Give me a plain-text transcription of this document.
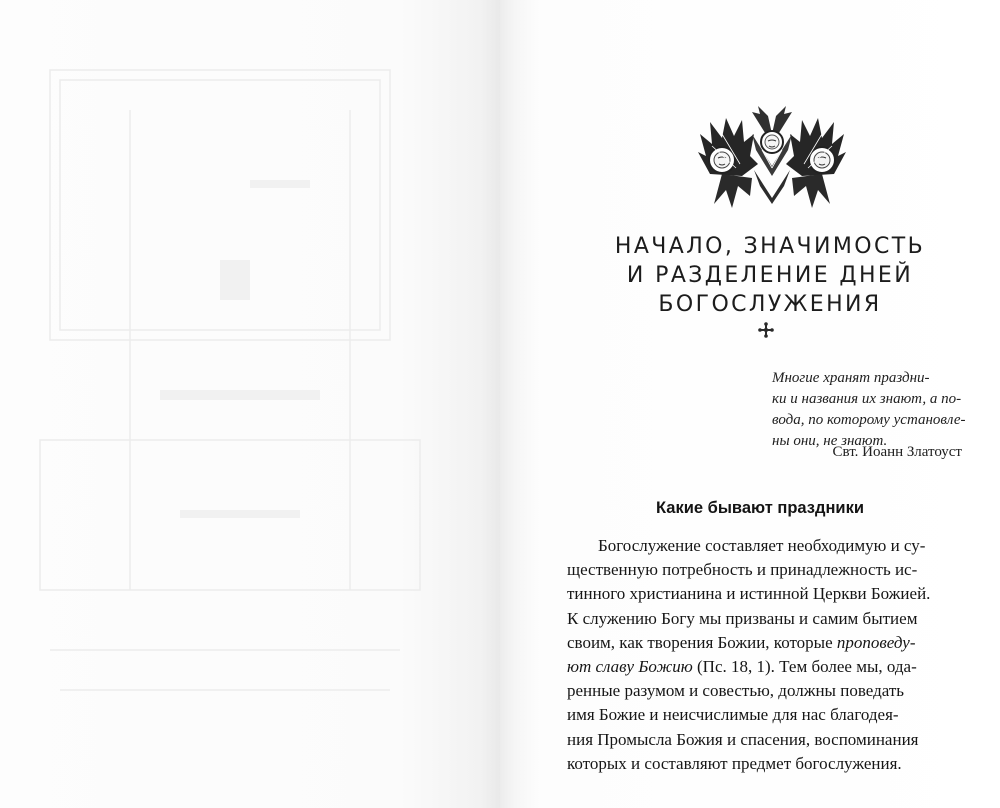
НАЧАЛО, ЗНАЧИМОСТЬ
И РАЗДЕЛЕНИЕ ДНЕЙ
БОГОСЛУЖЕНИЯ
Многие хранят праздни-
ки и названия их знают, а по-
вода, по которому установле-
ны они, не знают.
Свт. Иоанн Златоуст
Какие бывают праздники
Богослужение составляет необходимую и су-
щественную потребность и принадлежность ис-
тинного христианина и истинной Церкви Божией.
К служению Богу мы призваны и самим бытием
своим, как творения Божии, которые проповеду-
ют славу Божию (Пс. 18, 1). Тем более мы, ода-
ренные разумом и совестью, должны поведать
имя Божие и неисчислимые для нас благодея-
ния Промысла Божия и спасения, воспоминания
которых и составляют предмет богослужения.
